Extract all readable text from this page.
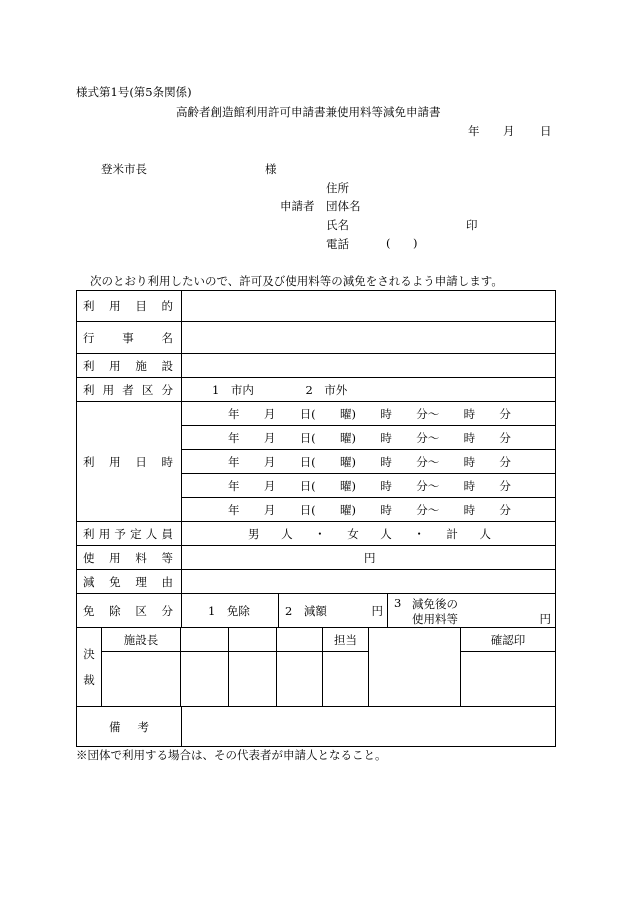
様式第1号(第5条関係)
高齢者創造館利用許可申請書兼使用料等減免申請書
年 月 日
登米市長	様
住所
申請者 団体名
氏名	印
電話	( )
次のとおり利用したいので、許可及び使用料等の減免をされるよう申請します。
利 用 目 的

行 事 名

利 用 施 設

利 用 者 区 分	1　市内	2　市外

利 用 日 時

年 月 日( 曜) 時 分～ 時 分

年 月 日( 曜) 時 分～ 時 分

年 月 日( 曜) 時 分～ 時 分

年 月 日( 曜) 時 分～ 時 分

年 月 日( 曜) 時 分～ 時 分

利 用 予 定 人 員	男 人 ・ 女 人 ・ 計 人

使 用 料 等	円

減 免 理 由

免 除 区 分	1　免除	2　減額	円
3 減免後の
使用料等	円

決
裁
	施設長				担当		確認印

備 考

※団体で利用する場合は、その代表者が申請人となること。
